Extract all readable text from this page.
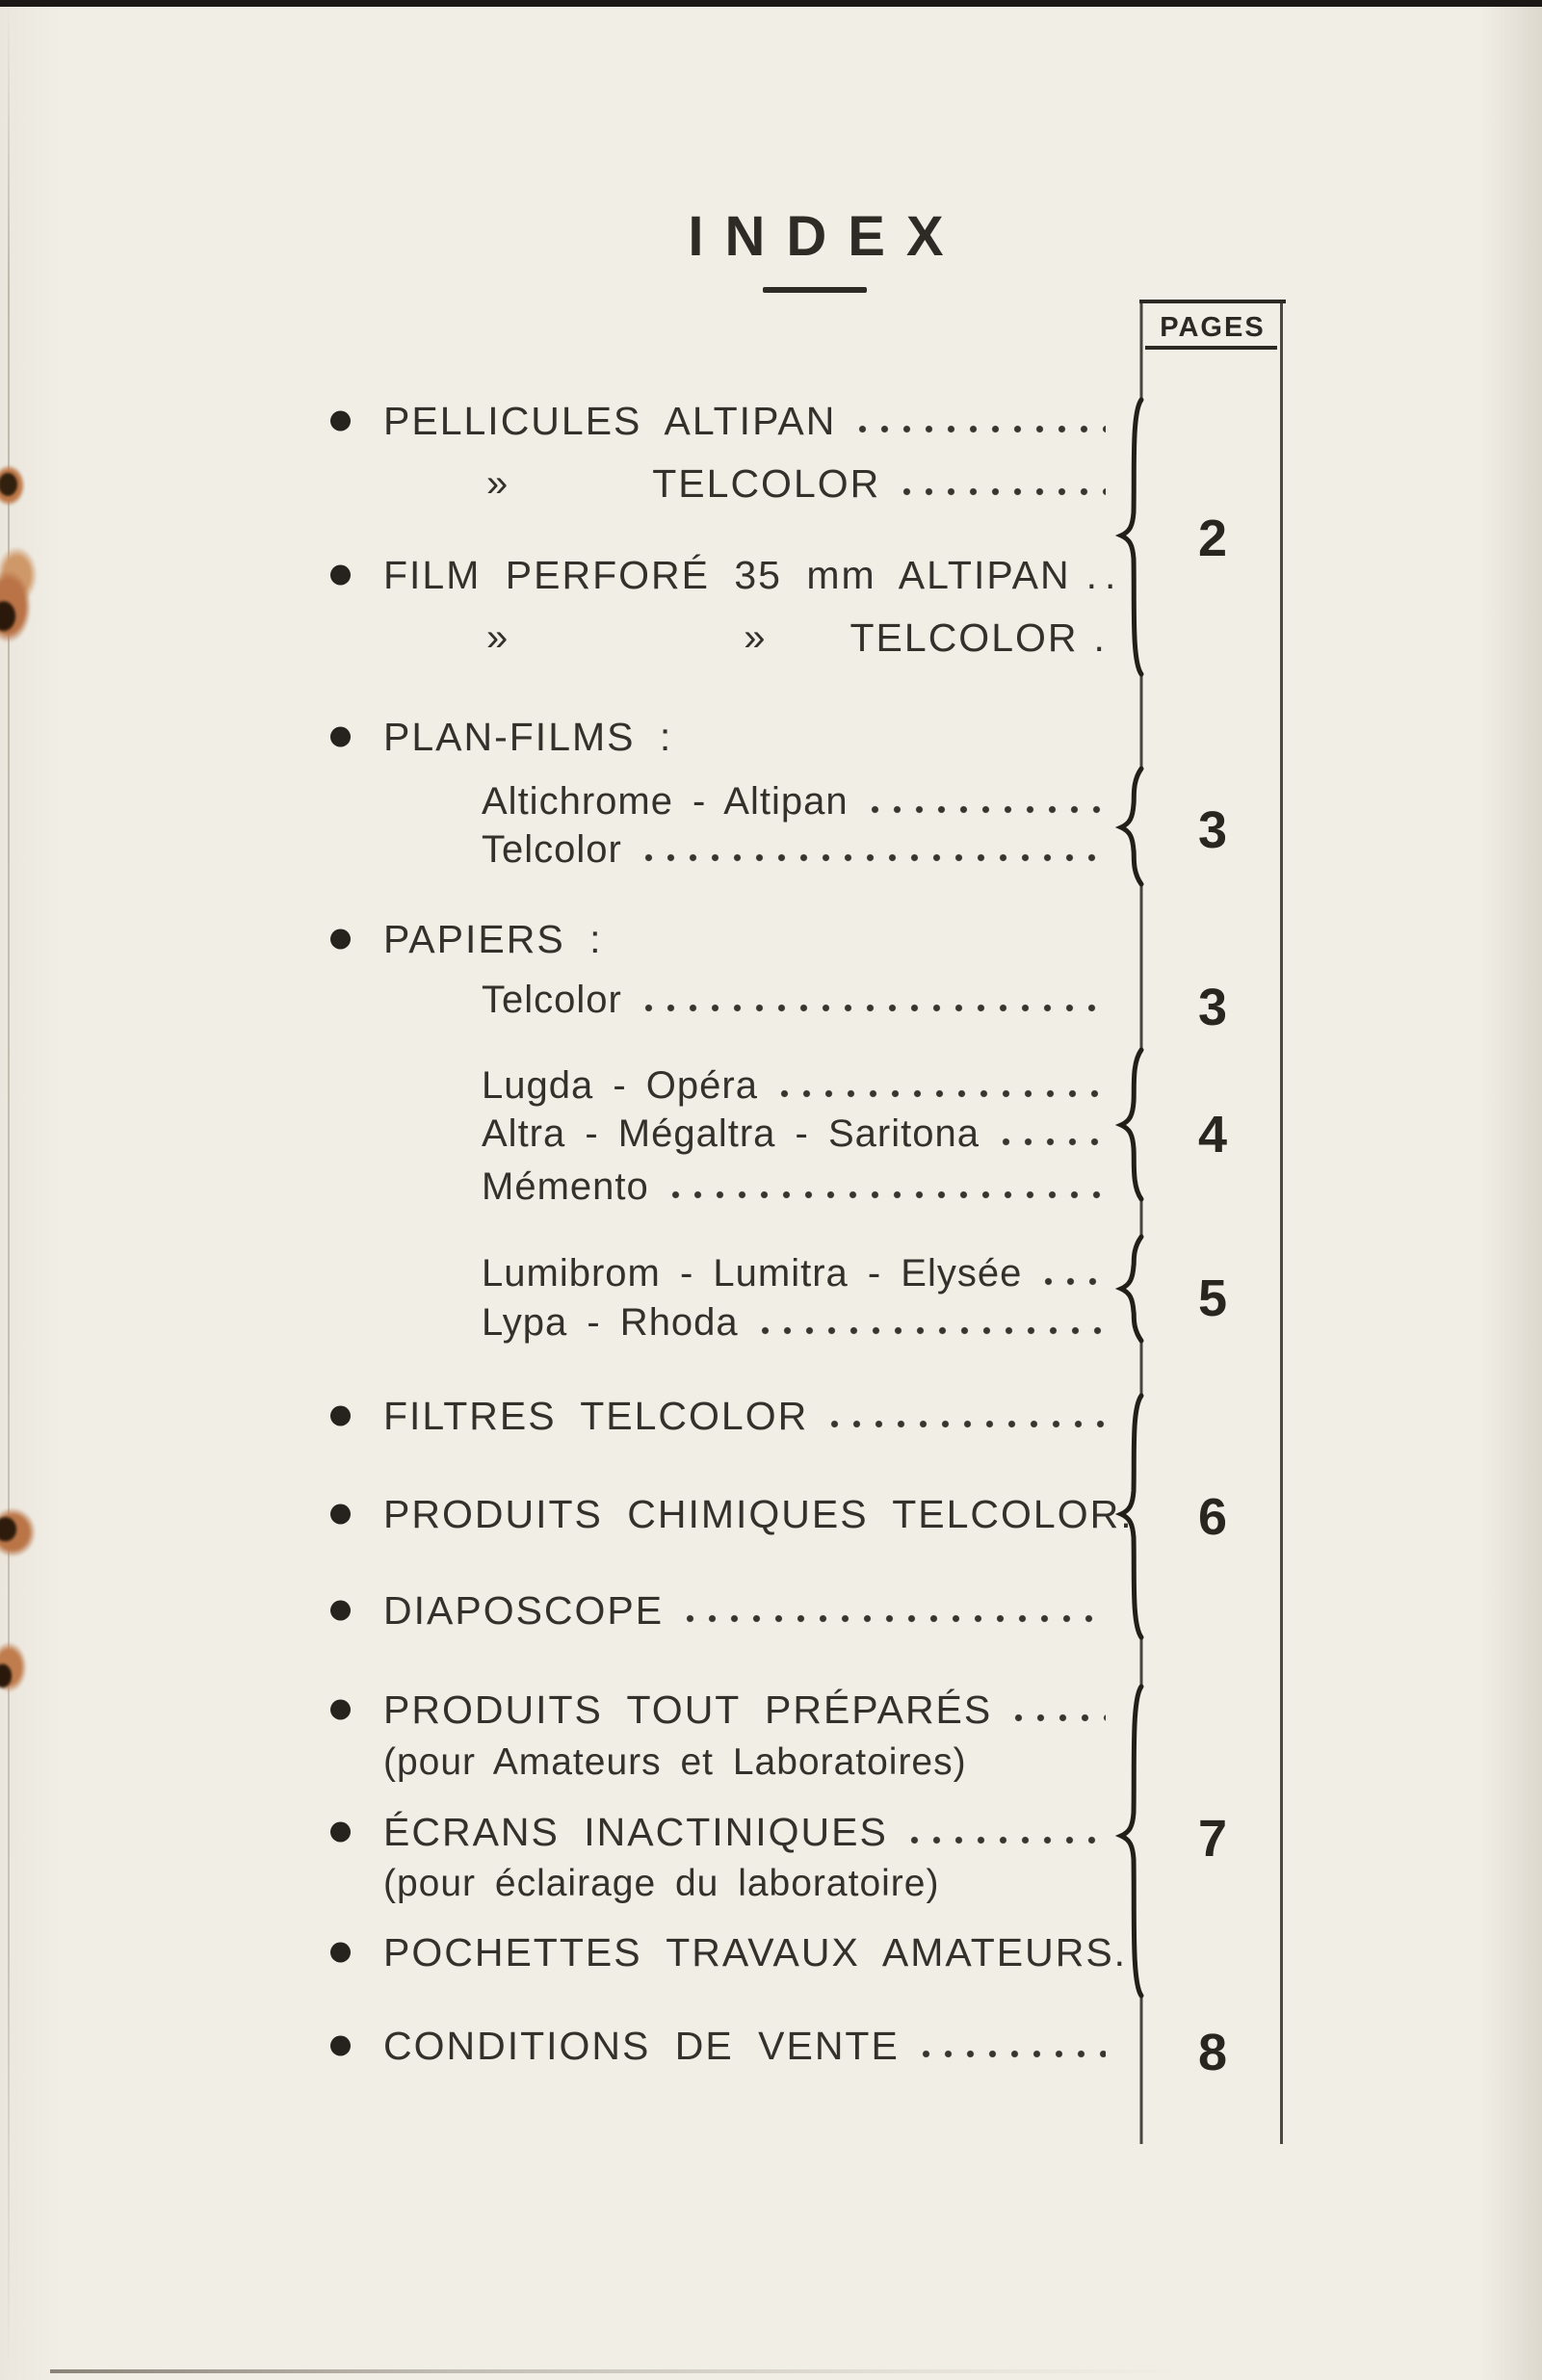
INDEX
PAGES
PELLICULES ALTIPAN
»	TELCOLOR
FILM PERFORÉ 35 mm ALTIPAN ..
»	» TELCOLOR .
PLAN-FILMS :
Altichrome - Altipan
Telcolor
PAPIERS :
Telcolor
Lugda - Opéra
Altra - Mégaltra - Saritona
Mémento
Lumibrom - Lumitra - Elysée
Lypa - Rhoda
FILTRES TELCOLOR
PRODUITS CHIMIQUES TELCOLOR.
DIAPOSCOPE
PRODUITS TOUT PRÉPARÉS
(pour Amateurs et Laboratoires)
ÉCRANS INACTINIQUES
(pour éclairage du laboratoire)
POCHETTES TRAVAUX AMATEURS.
CONDITIONS DE VENTE
2
3
3
4
5
6
7
8
